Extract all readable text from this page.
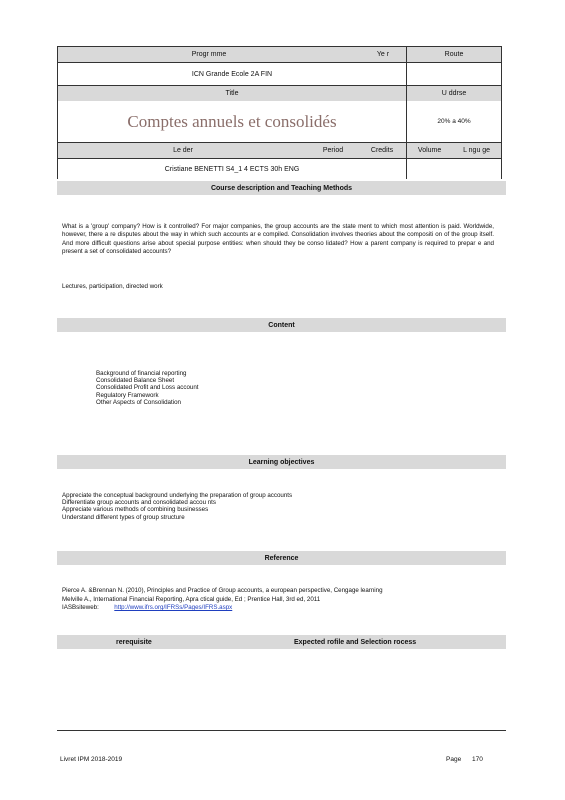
Progr mme	Ye r	Route
ICN Grande Ecole 2A FIN
Title	U ddrse
Comptes annuels et consolidés	20% a 40%
Le der	Period	Credits	Volume	L ngu ge
Cristiane BENETTI S4_1 4 ECTS 30h ENG
Course description and Teaching Methods
What is a 'group' company? How is it controlled? For major companies, the group accounts are the state ment to which most attention is paid. Worldwide, however, there a re disputes about the way in which such accounts ar e compiled. Consolidation involves theories about the compositi on of the group itself. And more difficult questions arise about special purpose entities: when should they be conso lidated? How a parent company is required to prepar e and present a set of consolidated accounts?
Lectures, participation, directed work
Content
Background of financial reporting
Consolidated Balance Sheet
Consolidated Profit and Loss account
Regulatory Framework
Other Aspects of Consolidation
Learning objectives
Appreciate the conceptual background underlying the preparation of group accounts
Differentiate group accounts and consolidated accou nts
Appreciate various methods of combining businesses
Understand different types of group structure
Reference
Pierce A. &Brennan N. (2010), Principles and Practice of Group accounts, a european perspective, Cengage learning
Melville A., International Financial Reporting, Apra ctical guide, Ed ; Prentice Hall, 3rd ed, 2011
IASBsiteweb: http://www.ifrs.org/IFRSs/Pages/IFRS.aspx
rerequisite	Expected rofile and Selection rocess
Livret IPM 2018-2019	Page 170
